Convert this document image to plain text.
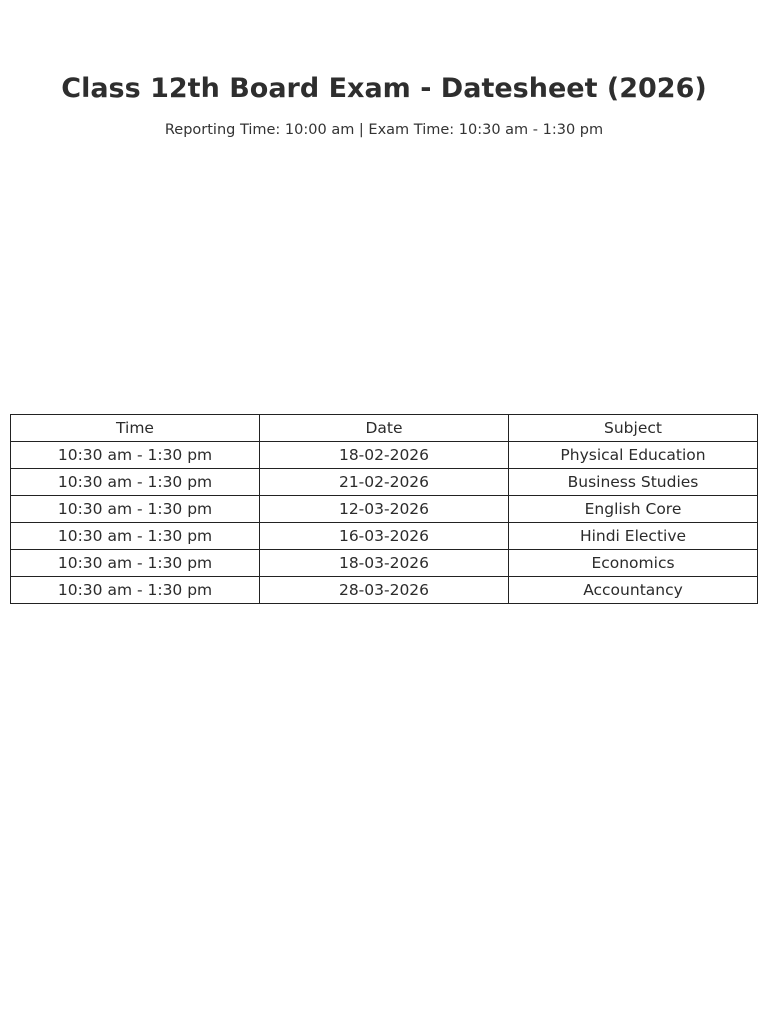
Class 12th Board Exam - Datesheet (2026)

Reporting Time: 10:00 am | Exam Time: 10:30 am - 1:30 pm

Time	Date	Subject
10:30 am - 1:30 pm	18-02-2026	Physical Education
10:30 am - 1:30 pm	21-02-2026	Business Studies
10:30 am - 1:30 pm	12-03-2026	English Core
10:30 am - 1:30 pm	16-03-2026	Hindi Elective
10:30 am - 1:30 pm	18-03-2026	Economics
10:30 am - 1:30 pm	28-03-2026	Accountancy
